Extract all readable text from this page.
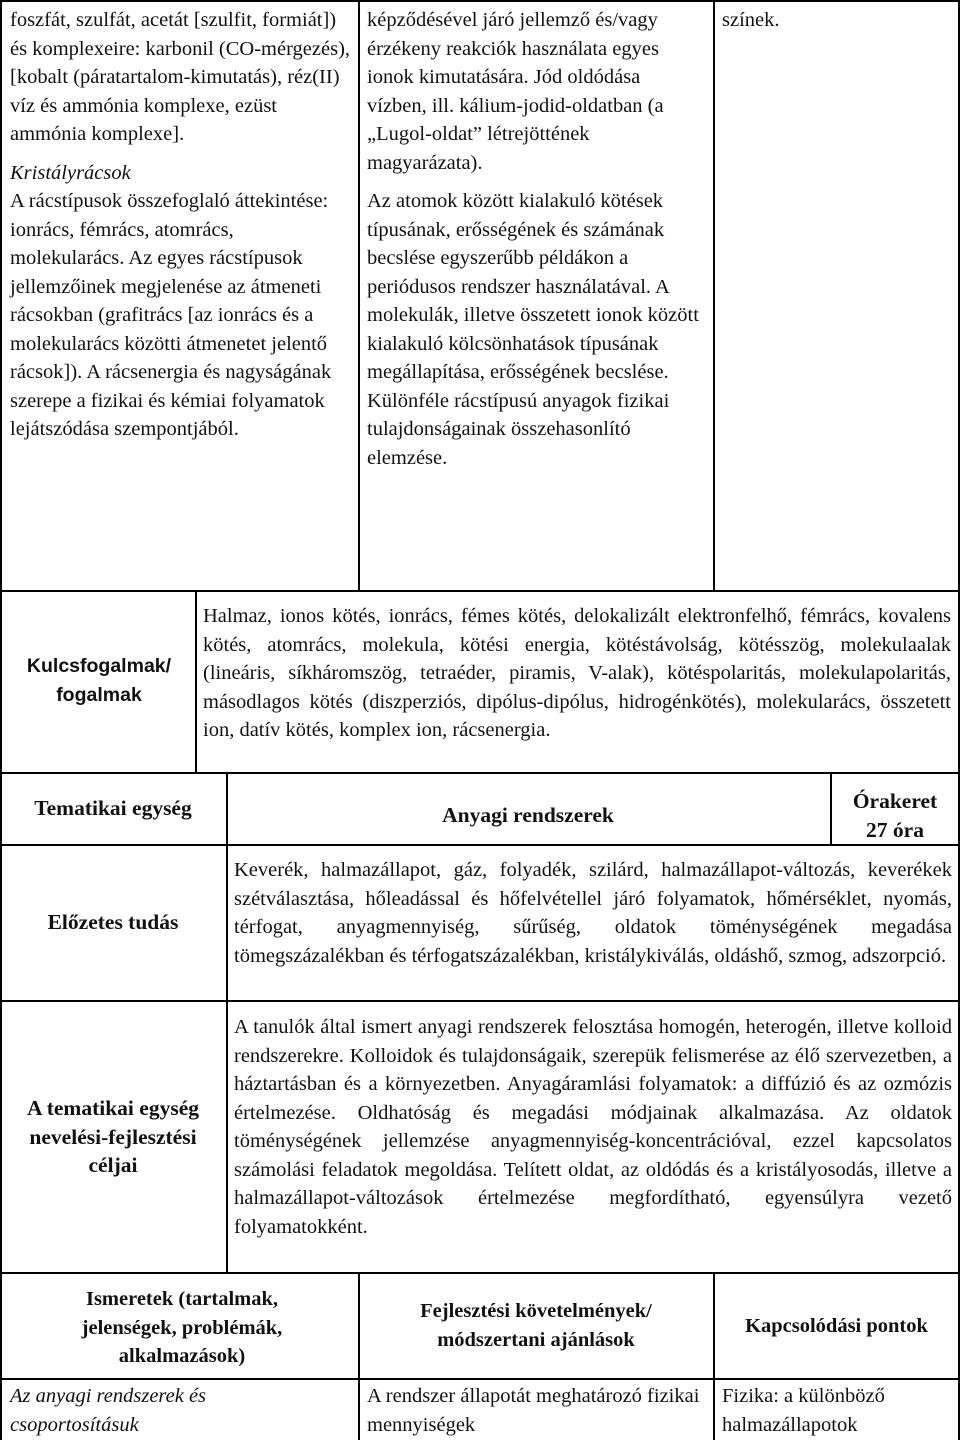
foszfát, szulfát, acetát [szulfit, formiát]) és komplexeire: karbonil (CO-mérgezés), [kobalt (páratartalom-kimutatás), réz(II) víz és ammónia komplexe, ezüst ammónia komplexe].

Kristályrácsok

A rácstípusok összefoglaló áttekintése: ionrács, fémrács, atomrács, molekularács. Az egyes rácstípusok jellemzőinek megjelenése az átmeneti rácsokban (grafitrács [az ionrács és a molekularács közötti átmenetet jelentő rácsok]). A rácsenergia és nagyságának szerepe a fizikai és kémiai folyamatok lejátszódása szempontjából.

képződésével járó jellemző és/vagy érzékeny reakciók használata egyes ionok kimutatására. Jód oldódása vízben, ill. kálium-jodid-oldatban (a „Lugol-oldat” létrejöttének magyarázata).

Az atomok között kialakuló kötések típusának, erősségének és számának becslése egyszerűbb példákon a periódusos rendszer használatával. A molekulák, illetve összetett ionok között kialakuló kölcsönhatások típusának megállapítása, erősségének becslése. Különféle rácstípusú anyagok fizikai tulajdonságainak összehasonlító elemzése.

színek.

Kulcsfogalmak/ fogalmak

Halmaz, ionos kötés, ionrács, fémes kötés, delokalizált elektronfelhő, fémrács, kovalens kötés, atomrács, molekula, kötési energia, kötéstávolság, kötésszög, molekulaalak (lineáris, síkháromszög, tetraéder, piramis, V-alak), kötéspolaritás, molekulapolaritás, másodlagos kötés (diszperziós, dipólus-dipólus, hidrogénkötés), molekularács, összetett ion, datív kötés, komplex ion, rácsenergia.

Tematikai egység	Anyagi rendszerek

Órakeret

27 óra

Előzetes tudás

Keverék, halmazállapot, gáz, folyadék, szilárd, halmazállapot-változás, keverékek szétválasztása, hőleadással és hőfelvétellel járó folyamatok, hőmérséklet, nyomás, térfogat, anyagmennyiség, sűrűség, oldatok töménységének megadása tömegszázalékban és térfogatszázalékban, kristálykiválás, oldáshő, szmog, adszorpció.

A tematikai egység nevelési-fejlesztési céljai

A tanulók által ismert anyagi rendszerek felosztása homogén, heterogén, illetve kolloid rendszerekre. Kolloidok és tulajdonságaik, szerepük felismerése az élő szervezetben, a háztartásban és a környezetben. Anyagáramlási folyamatok: a diffúzió és az ozmózis értelmezése. Oldhatóság és megadási módjainak alkalmazása. Az oldatok töménységének jellemzése anyagmennyiség-koncentrációval, ezzel kapcsolatos számolási feladatok megoldása. Telített oldat, az oldódás és a kristályosodás, illetve a halmazállapot-változások értelmezése megfordítható, egyensúlyra vezető folyamatokként.

Ismeretek (tartalmak, jelenségek, problémák, alkalmazások)
Fejlesztési követelmények/ módszertani ajánlások
Kapcsolódási pontok
Az anyagi rendszerek és csoportosításuk
A rendszer állapotát meghatározó fizikai mennyiségek
Fizika: a különböző halmazállapotok
